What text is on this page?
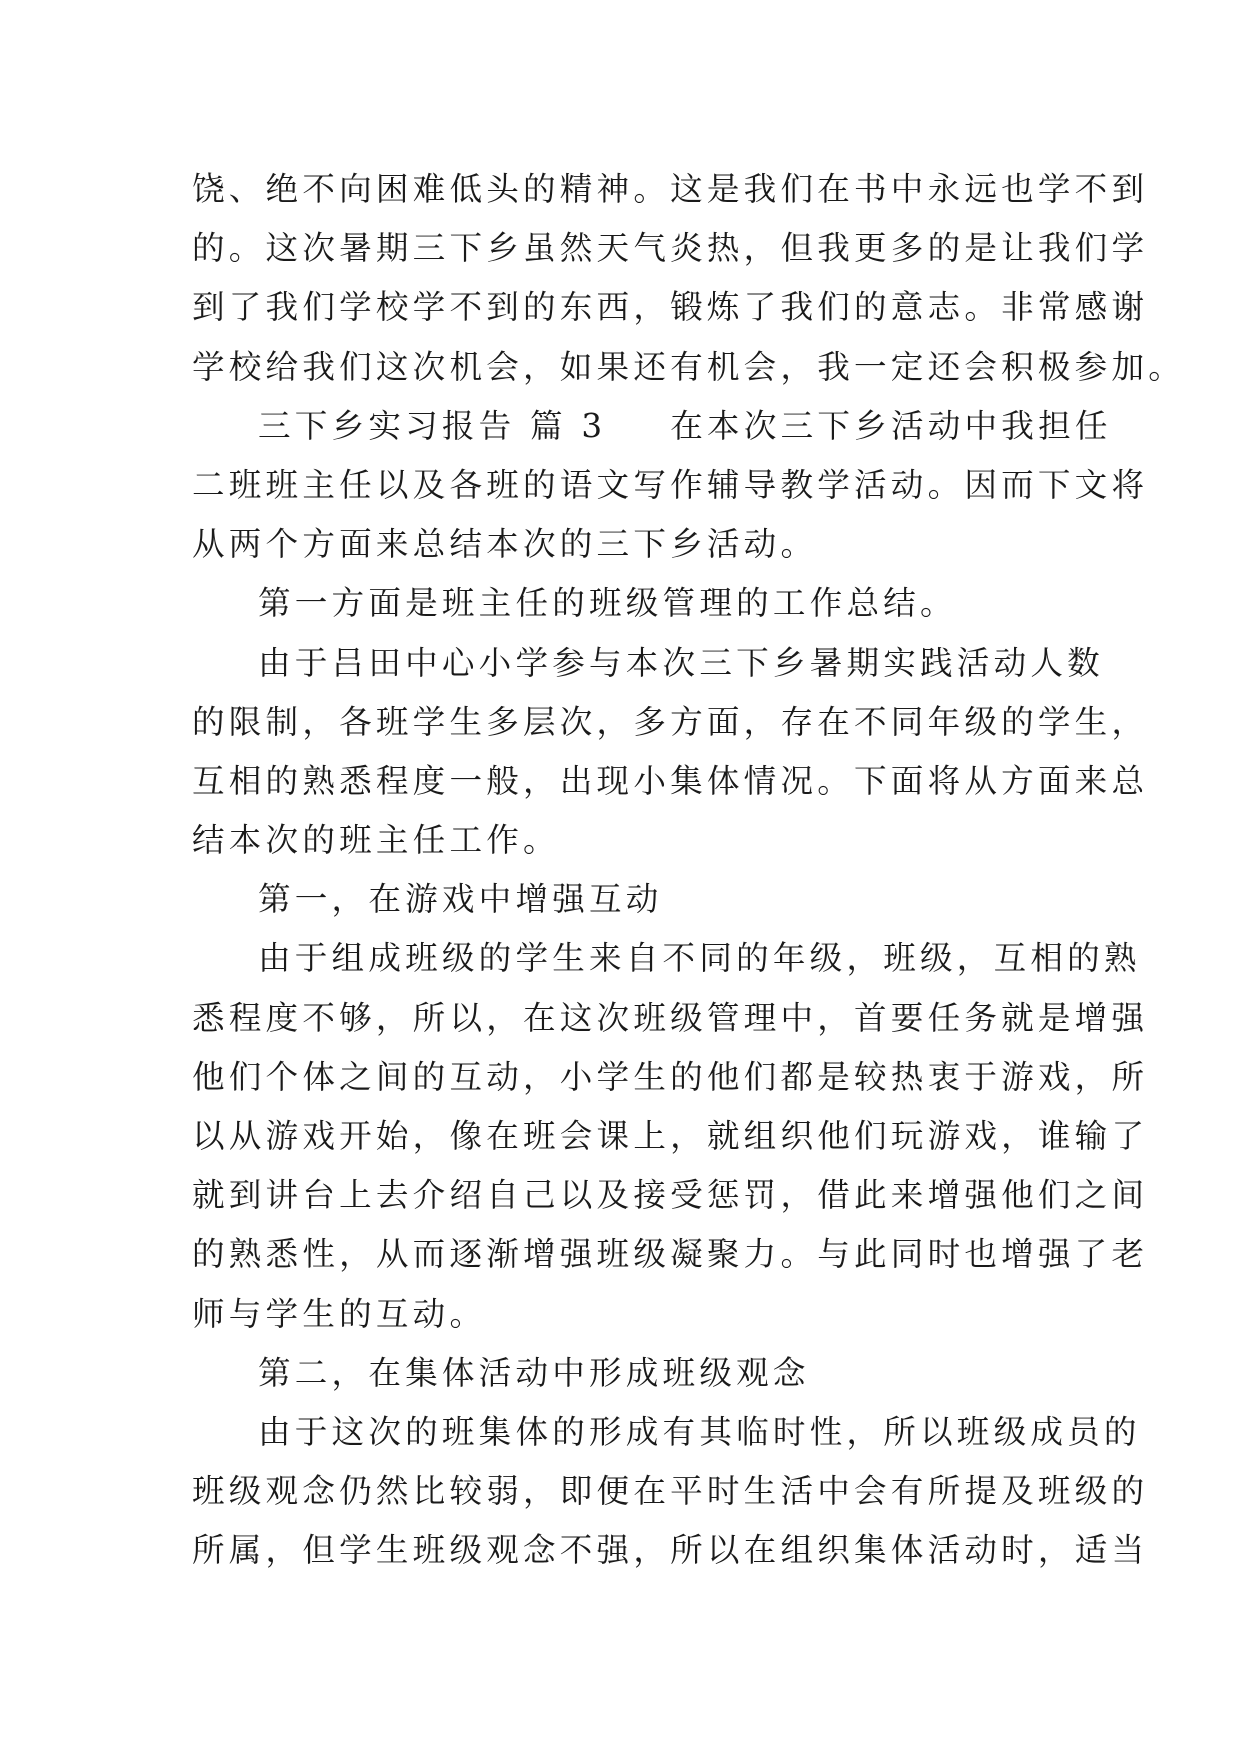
饶、绝不向困难低头的精神。这是我们在书中永远也学不到
的。这次暑期三下乡虽然天气炎热，但我更多的是让我们学
到了我们学校学不到的东西，锻炼了我们的意志。非常感谢
学校给我们这次机会，如果还有机会，我一定还会积极参加。
三下乡实习报告 篇 3 在本次三下乡活动中我担任
二班班主任以及各班的语文写作辅导教学活动。因而下文将
从两个方面来总结本次的三下乡活动。
第一方面是班主任的班级管理的工作总结。
由于吕田中心小学参与本次三下乡暑期实践活动人数
的限制，各班学生多层次，多方面，存在不同年级的学生，
互相的熟悉程度一般，出现小集体情况。下面将从方面来总
结本次的班主任工作。
第一，在游戏中增强互动
由于组成班级的学生来自不同的年级，班级，互相的熟
悉程度不够，所以，在这次班级管理中，首要任务就是增强
他们个体之间的互动，小学生的他们都是较热衷于游戏，所
以从游戏开始，像在班会课上，就组织他们玩游戏，谁输了
就到讲台上去介绍自己以及接受惩罚，借此来增强他们之间
的熟悉性，从而逐渐增强班级凝聚力。与此同时也增强了老
师与学生的互动。
第二，在集体活动中形成班级观念
由于这次的班集体的形成有其临时性，所以班级成员的
班级观念仍然比较弱，即便在平时生活中会有所提及班级的
所属，但学生班级观念不强，所以在组织集体活动时，适当
